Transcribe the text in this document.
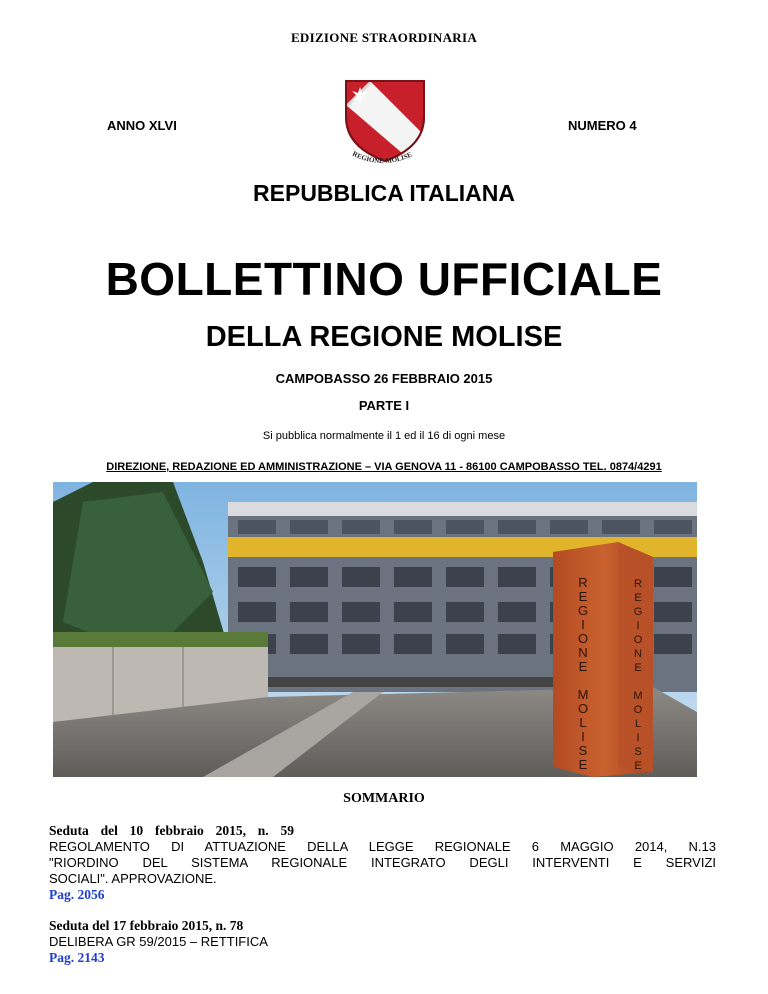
EDIZIONE STRAORDINARIA
ANNO XLVI	NUMERO 4
REGIONE MOLISE
REPUBBLICA ITALIANA
BOLLETTINO UFFICIALE
DELLA REGIONE MOLISE
CAMPOBASSO 26 FEBBRAIO 2015
PARTE I
Si pubblica normalmente il 1 ed il 16 di ogni mese
DIREZIONE, REDAZIONE ED AMMINISTRAZIONE – VIA GENOVA 11 - 86100 CAMPOBASSO TEL. 0874/4291
R
E
G
I
O
N
E
M
O
L
I
S
E
R
E
G
I
O
N
E
M
O
L
I
S
E
SOMMARIO
Seduta del 10 febbraio 2015, n. 59
REGOLAMENTO DI ATTUAZIONE DELLA LEGGE REGIONALE 6 MAGGIO 2014, N.13
"RIORDINO DEL SISTEMA REGIONALE INTEGRATO DEGLI INTERVENTI E SERVIZI
SOCIALI". APPROVAZIONE.
Pag. 2056
Seduta del 17 febbraio 2015, n. 78
DELIBERA GR 59/2015 – RETTIFICA
Pag. 2143
